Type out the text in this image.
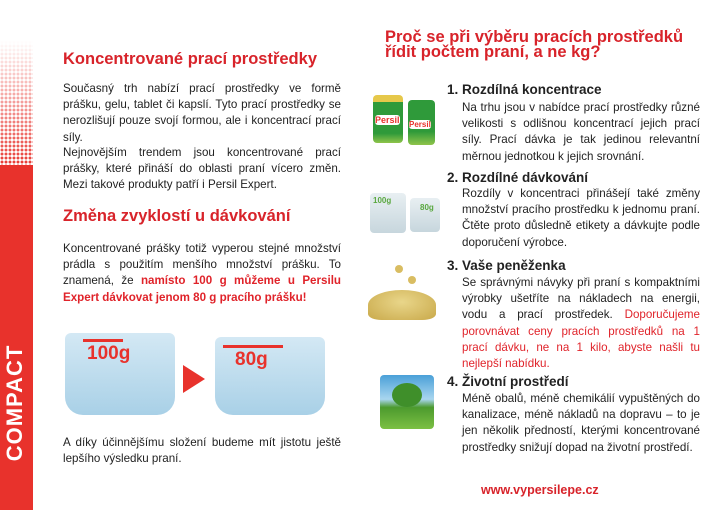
COMPACT
Koncentrované prací prostředky

Současný trh nabízí prací prostředky ve formě prášku, gelu, tablet či kapslí. Tyto prací prostředky se nerozlišují pouze svojí formou, ale i koncentrací prací síly.

Nejnovějším trendem jsou koncentrované prací prášky, které přináší do oblasti praní vícero změn. Mezi takové produkty patří i Persil Expert.

Změna zvyklostí u dávkování

Koncentrované prášky totiž vyperou stejné množství prádla s použitím menšího množství prášku. To znamená, že namísto 100 g můžeme u Persilu Expert dávkovat jenom 80 g pracího prášku!

100g	80g

A díky účinnějšímu složení budeme mít jistotu ještě lepšího výsledku praní.

Proč se při výběru pracích prostředků řídit počtem praní, a ne kg?
Persil Persil
1. Rozdílná koncentrace

Na trhu jsou v nabídce prací prostředky různé velikosti s odlišnou koncentrací jejich prací síly. Prací dávka je tak jedinou relevantní měrnou jednotkou k jejich srovnání.

100g
80g
2. Rozdílné dávkování

Rozdíly v koncentraci přinášejí také změny množství pracího prostředku k jednomu praní. Čtěte proto důsledně etikety a dávkujte podle doporučení výrobce.

3. Vaše peněženka

Se správnými návyky při praní s kompaktními výrobky ušetříte na nákladech na energii, vodu a prací prostředek. Doporučujeme porovnávat ceny pracích prostředků na 1 prací dávku, ne na 1 kilo, abyste našli tu nejlepší nabídku.

4. Životní prostředí

Méně obalů, méně chemikálií vypuštěných do kanalizace, méně nákladů na dopravu – to je jen několik předností, kterými koncentrované prostředky snižují dopad na životní prostředí.

www.vypersilepe.cz
